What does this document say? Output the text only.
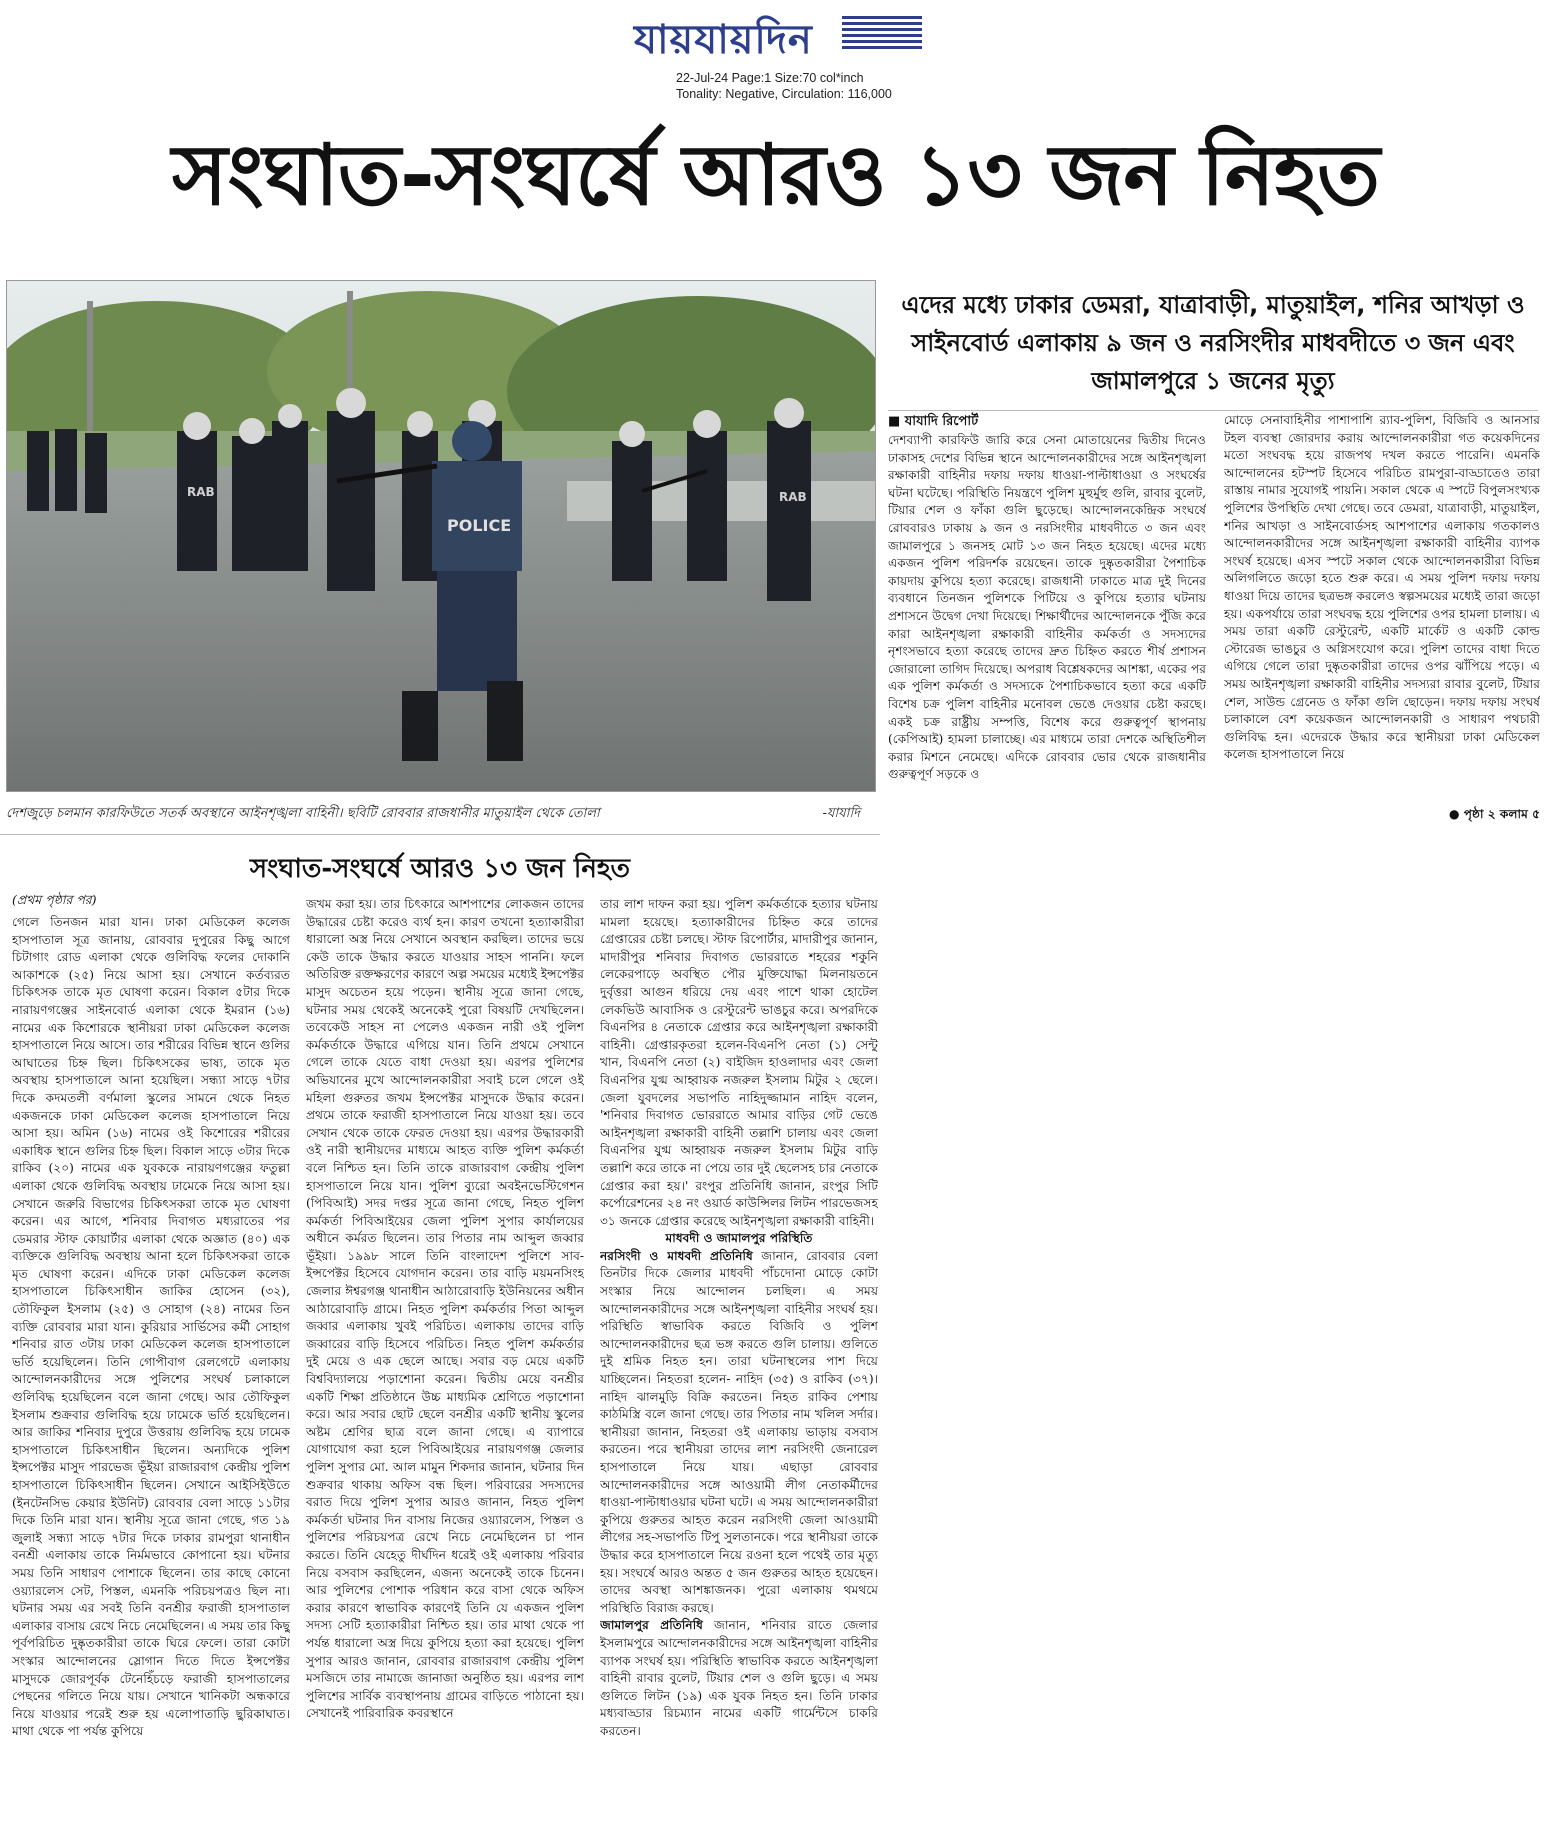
যায়যায়দিন
22-Jul-24 Page:1 Size:70 col*inch
Tonality: Negative, Circulation: 116,000
সংঘাত-সংঘর্ষে আরও ১৩ জন নিহত
POLICE
RAB	RAB
দেশজুড়ে চলমান কারফিউতে সতর্ক অবস্থানে আইনশৃঙ্খলা বাহিনী। ছবিটি রোববার রাজধানীর মাতুয়াইল থেকে তোলা	-যাযাদি
এদের মধ্যে ঢাকার ডেমরা, যাত্রাবাড়ী, মাতুয়াইল, শনির আখড়া ও সাইনবোর্ড এলাকায় ৯ জন ও নরসিংদীর মাধবদীতে ৩ জন এবং জামালপুরে ১ জনের মৃত্যু
■ যাযাদি রিপোর্ট

দেশব্যাপী কারফিউ জারি করে সেনা মোতায়েনের দ্বিতীয় দিনেও ঢাকাসহ দেশের বিভিন্ন স্থানে আন্দোলনকারীদের সঙ্গে আইনশৃঙ্খলা রক্ষাকারী বাহিনীর দফায় দফায় ধাওয়া-পাল্টাধাওয়া ও সংঘর্ষের ঘটনা ঘটেছে। পরিস্থিতি নিয়ন্ত্রণে পুলিশ মুহুর্মুহু গুলি, রাবার বুলেট, টিয়ার শেল ও ফাঁকা গুলি ছুড়েছে। আন্দোলনকেন্দ্রিক সংঘর্ষে রোববারও ঢাকায় ৯ জন ও নরসিংদীর মাধবদীতে ৩ জন এবং জামালপুরে ১ জনসহ মোট ১৩ জন নিহত হয়েছে। এদের মধ্যে একজন পুলিশ পরিদর্শক রয়েছেন। তাকে দুষ্কৃতকারীরা পৈশাচিক কায়দায় কুপিয়ে হত্যা করেছে। রাজধানী ঢাকাতে মাত্র দুই দিনের ব্যবধানে তিনজন পুলিশকে পিটিয়ে ও কুপিয়ে হত্যার ঘটনায় প্রশাসনে উদ্বেগ দেখা দিয়েছে। শিক্ষার্থীদের আন্দোলনকে পুঁজি করে কারা আইনশৃঙ্খলা রক্ষাকারী বাহিনীর কর্মকর্তা ও সদস্যদের নৃশংসভাবে হত্যা করেছে তাদের দ্রুত চিহ্নিত করতে শীর্ষ প্রশাসন জোরালো তাগিদ দিয়েছে। অপরাধ বিশ্লেষকদের আশঙ্কা, একের পর এক পুলিশ কর্মকর্তা ও সদস্যকে পৈশাচিকভাবে হত্যা করে একটি বিশেষ চক্র পুলিশ বাহিনীর মনোবল ভেঙে দেওয়ার চেষ্টা করছে। একই চক্র রাষ্ট্রীয় সম্পত্তি, বিশেষ করে গুরুত্বপূর্ণ স্থাপনায় (কেপিআই) হামলা চালাচ্ছে। এর মাধ্যমে তারা দেশকে অস্থিতিশীল করার মিশনে নেমেছে। এদিকে রোববার ভোর থেকে রাজধানীর গুরুত্বপূর্ণ সড়কে ও

মোড়ে সেনাবাহিনীর পাশাপাশি র‌্যাব-পুলিশ, বিজিবি ও আনসার টহল ব্যবস্থা জোরদার করায় আন্দোলনকারীরা গত কয়েকদিনের মতো সংঘবদ্ধ হয়ে রাজপথ দখল করতে পারেনি। এমনকি আন্দোলনের হটস্পট হিসেবে পরিচিত রামপুরা-বাড্ডাতেও তারা রাস্তায় নামার সুযোগই পায়নি। সকাল থেকে এ স্পটে বিপুলসংখ্যক পুলিশের উপস্থিতি দেখা গেছে। তবে ডেমরা, যাত্রাবাড়ী, মাতুয়াইল, শনির আখড়া ও সাইনবোর্ডসহ আশপাশের এলাকায় গতকালও আন্দোলনকারীদের সঙ্গে আইনশৃঙ্খলা রক্ষাকারী বাহিনীর ব্যাপক সংঘর্ষ হয়েছে। এসব স্পটে সকাল থেকে আন্দোলনকারীরা বিভিন্ন অলিগলিতে জড়ো হতে শুরু করে। এ সময় পুলিশ দফায় দফায় ধাওয়া দিয়ে তাদের ছত্রভঙ্গ করলেও স্বল্পসময়ের মধ্যেই তারা জড়ো হয়। একপর্যায়ে তারা সংঘবদ্ধ হয়ে পুলিশের ওপর হামলা চালায়। এ সময় তারা একটি রেস্টুরেন্ট, একটি মার্কেট ও একটি কোল্ড স্টোরেজ ভাঙচুর ও অগ্নিসংযোগ করে। পুলিশ তাদের বাধা দিতে এগিয়ে গেলে তারা দুষ্কৃতকারীরা তাদের ওপর ঝাঁপিয়ে পড়ে। এ সময় আইনশৃঙ্খলা রক্ষাকারী বাহিনীর সদস্যরা রাবার বুলেট, টিয়ার শেল, সাউন্ড গ্রেনেড ও ফাঁকা গুলি ছোড়েন। দফায় দফায় সংঘর্ষ চলাকালে বেশ কয়েকজন আন্দোলনকারী ও সাধারণ পথচারী গুলিবিদ্ধ হন। এদেরকে উদ্ধার করে স্থানীয়রা ঢাকা মেডিকেল কলেজ হাসপাতালে নিয়ে

● পৃষ্ঠা ২ কলাম ৫
সংঘাত-সংঘর্ষে আরও ১৩ জন নিহত
(প্রথম পৃষ্ঠার পর)

গেলে তিনজন মারা যান। ঢাকা মেডিকেল কলেজ হাসপাতাল সূত্র জানায়, রোববার দুপুরের কিছু আগে চিটাগাং রোড এলাকা থেকে গুলিবিদ্ধ ফলের দোকানি আকাশকে (২৫) নিয়ে আসা হয়। সেখানে কর্তব্যরত চিকিৎসক তাকে মৃত ঘোষণা করেন। বিকাল ৫টার দিকে নারায়ণগঞ্জের সাইনবোর্ড এলাকা থেকে ইমরান (১৬) নামের এক কিশোরকে স্থানীয়রা ঢাকা মেডিকেল কলেজ হাসপাতালে নিয়ে আসে। তার শরীরের বিভিন্ন স্থানে গুলির আঘাতের চিহ্ন ছিল। চিকিৎসকের ভাষ্য, তাকে মৃত অবস্থায় হাসপাতালে আনা হয়েছিল। সন্ধ্যা সাড়ে ৭টার দিকে কদমতলী বর্ণমালা স্কুলের সামনে থেকে নিহত একজনকে ঢাকা মেডিকেল কলেজ হাসপাতালে নিয়ে আসা হয়। অমিন (১৬) নামের ওই কিশোরের শরীরের একাধিক স্থানে গুলির চিহ্ন ছিল। বিকাল সাড়ে ৩টার দিকে রাকিব (২০) নামের এক যুবককে নারায়ণগঞ্জের ফতুল্লা এলাকা থেকে গুলিবিদ্ধ অবস্থায় ঢামেকে নিয়ে আসা হয়। সেখানে জরুরি বিভাগের চিকিৎসকরা তাকে মৃত ঘোষণা করেন। এর আগে, শনিবার দিবাগত মধ্যরাতের পর ডেমরার স্টাফ কোয়ার্টার এলাকা থেকে অজ্ঞাত (৪০) এক ব্যক্তিকে গুলিবিদ্ধ অবস্থায় আনা হলে চিকিৎসকরা তাকে মৃত ঘোষণা করেন। এদিকে ঢাকা মেডিকেল কলেজ হাসপাতালে চিকিৎসাধীন জাকির হোসেন (৩২), তৌফিকুল ইসলাম (২৫) ও সোহাগ (২৪) নামের তিন ব্যক্তি রোববার মারা যান। কুরিয়ার সার্ভিসের কর্মী সোহাগ শনিবার রাত ৩টায় ঢাকা মেডিকেল কলেজ হাসপাতালে ভর্তি হয়েছিলেন। তিনি গোপীবাগ রেলগেটে এলাকায় আন্দোলনকারীদের সঙ্গে পুলিশের সংঘর্ষ চলাকালে গুলিবিদ্ধ হয়েছিলেন বলে জানা গেছে। আর তৌফিকুল ইসলাম শুক্রবার গুলিবিদ্ধ হয়ে ঢামেকে ভর্তি হয়েছিলেন। আর জাকির শনিবার দুপুরে উত্তরায় গুলিবিদ্ধ হয়ে ঢামেক হাসপাতালে চিকিৎসাধীন ছিলেন। অন্যদিকে পুলিশ ইন্সপেক্টর মাসুদ পারভেজ ভূঁইয়া রাজারবাগ কেন্দ্রীয় পুলিশ হাসপাতালে চিকিৎসাধীন ছিলেন। সেখানে আইসিইউতে (ইনটেনসিভ কেয়ার ইউনিট) রোববার বেলা সাড়ে ১১টার দিকে তিনি মারা যান। স্থানীয় সূত্রে জানা গেছে, গত ১৯ জুলাই সন্ধ্যা সাড়ে ৭টার দিকে ঢাকার রামপুরা থানাধীন বনশ্রী এলাকায় তাকে নির্মমভাবে কোপানো হয়। ঘটনার সময় তিনি সাধারণ পোশাকে ছিলেন। তার কাছে কোনো ওয়্যারলেস সেট, পিস্তল, এমনকি পরিচয়পত্রও ছিল না। ঘটনার সময় এর সবই তিনি বনশ্রীর ফরাজী হাসপাতাল এলাকার বাসায় রেখে নিচে নেমেছিলেন। এ সময় তার কিছু পূর্বপরিচিত দুষ্কৃতকারীরা তাকে ঘিরে ফেলে। তারা কোটা সংস্কার আন্দোলনের স্লোগান দিতে দিতে ইন্সপেক্টর মাসুদকে জোরপূর্বক টেনেহিঁচড়ে ফরাজী হাসপাতালের পেছনের গলিতে নিয়ে যায়। সেখানে খানিকটা অন্ধকারে নিয়ে যাওয়ার পরেই শুরু হয় এলোপাতাড়ি ছুরিকাঘাত। মাথা থেকে পা পর্যন্ত কুপিয়ে

জখম করা হয়। তার চিৎকারে আশপাশের লোকজন তাদের উদ্ধারের চেষ্টা করেও ব্যর্থ হন। কারণ তখনো হত্যাকারীরা ধারালো অস্ত্র নিয়ে সেখানে অবস্থান করছিল। তাদের ভয়ে কেউ তাকে উদ্ধার করতে যাওয়ার সাহস পাননি। ফলে অতিরিক্ত রক্তক্ষরণের কারণে অল্প সময়ের মধ্যেই ইন্সপেক্টর মাসুদ অচেতন হয়ে পড়েন। স্থানীয় সূত্রে জানা গেছে, ঘটনার সময় থেকেই অনেকেই পুরো বিষয়টি দেখছিলেন। তবেকেউ সাহস না পেলেও একজন নারী ওই পুলিশ কর্মকর্তাকে উদ্ধারে এগিয়ে যান। তিনি প্রথমে সেখানে গেলে তাকে যেতে বাধা দেওয়া হয়। এরপর পুলিশের অভিযানের মুখে আন্দোলনকারীরা সবাই চলে গেলে ওই মহিলা গুরুতর জখম ইন্সপেক্টর মাসুদকে উদ্ধার করেন। প্রথমে তাকে ফরাজী হাসপাতালে নিয়ে যাওয়া হয়। তবে সেখান থেকে তাকে ফেরত দেওয়া হয়। এরপর উদ্ধারকারী ওই নারী স্থানীয়দের মাধ্যমে আহত ব্যক্তি পুলিশ কর্মকর্তা বলে নিশ্চিত হন। তিনি তাকে রাজারবাগ কেন্দ্রীয় পুলিশ হাসপাতালে নিয়ে যান। পুলিশ ব্যুরো অবইনভেস্টিগেশন (পিবিআই) সদর দপ্তর সূত্রে জানা গেছে, নিহত পুলিশ কর্মকর্তা পিবিআইয়ের জেলা পুলিশ সুপার কার্যালয়ের অধীনে কর্মরত ছিলেন। তার পিতার নাম আব্দুল জব্বার ভূঁইয়া। ১৯৯৮ সালে তিনি বাংলাদেশ পুলিশে সাব-ইন্সপেক্টর হিসেবে যোগদান করেন। তার বাড়ি ময়মনসিংহ জেলার ঈশ্বরগঞ্জ থানাধীন আঠারোবাড়ি ইউনিয়নের অধীন আঠারোবাড়ি গ্রামে। নিহত পুলিশ কর্মকর্তার পিতা আব্দুল জব্বার এলাকায় খুবই পরিচিত। এলাকায় তাদের বাড়ি জব্বারের বাড়ি হিসেবে পরিচিত। নিহত পুলিশ কর্মকর্তার দুই মেয়ে ও এক ছেলে আছে। সবার বড় মেয়ে একটি বিশ্ববিদ্যালয়ে পড়াশোনা করেন। দ্বিতীয় মেয়ে বনশ্রীর একটি শিক্ষা প্রতিষ্ঠানে উচ্চ মাধ্যমিক শ্রেণিতে পড়াশোনা করে। আর সবার ছোট ছেলে বনশ্রীর একটি স্থানীয় স্কুলের অষ্টম শ্রেণির ছাত্র বলে জানা গেছে। এ ব্যাপারে যোগাযোগ করা হলে পিবিআইয়ের নারায়ণগঞ্জ জেলার পুলিশ সুপার মো. আল মামুন শিকদার জানান, ঘটনার দিন শুক্রবার থাকায় অফিস বন্ধ ছিল। পরিবারের সদস্যদের বরাত দিয়ে পুলিশ সুপার আরও জানান, নিহত পুলিশ কর্মকর্তা ঘটনার দিন বাসায় নিজের ওয়্যারলেস, পিস্তল ও পুলিশের পরিচয়পত্র রেখে নিচে নেমেছিলেন চা পান করতে। তিনি যেহেতু দীর্ঘদিন ধরেই ওই এলাকায় পরিবার নিয়ে বসবাস করছিলেন, এজন্য অনেকেই তাকে চিনেন। আর পুলিশের পোশাক পরিধান করে বাসা থেকে অফিস করার কারণে স্বাভাবিক কারণেই তিনি যে একজন পুলিশ সদস্য সেটি হত্যাকারীরা নিশ্চিত হয়। তার মাথা থেকে পা পর্যন্ত ধারালো অস্ত্র দিয়ে কুপিয়ে হত্যা করা হয়েছে। পুলিশ সুপার আরও জানান, রোববার রাজারবাগ কেন্দ্রীয় পুলিশ মসজিদে তার নামাজে জানাজা অনুষ্ঠিত হয়। এরপর লাশ পুলিশের সার্বিক ব্যবস্থাপনায় গ্রামের বাড়িতে পাঠানো হয়। সেখানেই পারিবারিক কবরস্থানে

তার লাশ দাফন করা হয়। পুলিশ কর্মকর্তাকে হত্যার ঘটনায় মামলা হয়েছে। হত্যাকারীদের চিহ্নিত করে তাদের গ্রেপ্তারের চেষ্টা চলছে। স্টাফ রিপোর্টার, মাদারীপুর জানান, মাদারীপুর শনিবার দিবাগত ভোররাতে শহরের শকুনি লেকেরপাড়ে অবস্থিত পৌর মুক্তিযোদ্ধা মিলনায়তনে দুর্বৃত্তরা আগুন ধরিয়ে দেয় এবং পাশে থাকা হোটেল লেকভিউ আবাসিক ও রেস্টুরেন্ট ভাঙচুর করে। অপরদিকে বিএনপির ৪ নেতাকে গ্রেপ্তার করে আইনশৃঙ্খলা রক্ষাকারী বাহিনী। গ্রেপ্তারকৃতরা হলেন-বিএনপি নেতা (১) সেন্টু খান, বিএনপি নেতা (২) বাইজিদ হাওলাদার এবং জেলা বিএনপির যুগ্ম আহ্বায়ক নজরুল ইসলাম মিটুর ২ ছেলে। জেলা যুবদলের সভাপতি নাহিদুজ্জামান নাহিদ বলেন, 'শনিবার দিবাগত ভোররাতে আমার বাড়ির গেট ভেঙে আইনশৃঙ্খলা রক্ষাকারী বাহিনী তল্লাশি চালায় এবং জেলা বিএনপির যুগ্ম আহ্বায়ক নজরুল ইসলাম মিটুর বাড়ি তল্লাশি করে তাকে না পেয়ে তার দুই ছেলেসহ চার নেতাকে গ্রেপ্তার করা হয়।' রংপুর প্রতিনিধি জানান, রংপুর সিটি কর্পোরেশনের ২৪ নং ওয়ার্ড কাউন্সিলর লিটন পারভেজসহ ৩১ জনকে গ্রেপ্তার করেছে আইনশৃঙ্খলা রক্ষাকারী বাহিনী।

মাধবদী ও জামালপুর পরিস্থিতি

নরসিংদী ও মাধবদী প্রতিনিধি জানান, রোববার বেলা তিনটার দিকে জেলার মাধবদী পাঁচদোনা মোড়ে কোটা সংস্কার নিয়ে আন্দোলন চলছিল। এ সময় আন্দোলনকারীদের সঙ্গে আইনশৃঙ্খলা বাহিনীর সংঘর্ষ হয়। পরিস্থিতি স্বাভাবিক করতে বিজিবি ও পুলিশ আন্দোলনকারীদের ছত্র ভঙ্গ করতে গুলি চালায়। গুলিতে দুই শ্রমিক নিহত হন। তারা ঘটনাস্থলের পাশ দিয়ে যাচ্ছিলেন। নিহতরা হলেন- নাহিদ (৩৫) ও রাকিব (৩৭)। নাহিদ ঝালমুড়ি বিক্রি করতেন। নিহত রাকিব পেশায় কাঠমিস্ত্রি বলে জানা গেছে। তার পিতার নাম খলিল সর্দার। স্থানীয়রা জানান, নিহতরা ওই এলাকায় ভাড়ায় বসবাস করতেন। পরে স্থানীয়রা তাদের লাশ নরসিংদী জেনারেল হাসপাতালে নিয়ে যায়। এছাড়া রোববার আন্দোলনকারীদের সঙ্গে আওয়ামী লীগ নেতাকর্মীদের ধাওয়া-পাল্টাধাওয়ার ঘটনা ঘটে। এ সময় আন্দোলনকারীরা কুপিয়ে গুরুতর আহত করেন নরসিংদী জেলা আওয়ামী লীগের সহ-সভাপতি টিপু সুলতানকে। পরে স্থানীয়রা তাকে উদ্ধার করে হাসপাতালে নিয়ে রওনা হলে পথেই তার মৃত্যু হয়। সংঘর্ষে আরও অন্তত ৫ জন গুরুতর আহত হয়েছেন। তাদের অবস্থা আশঙ্কাজনক। পুরো এলাকায় থমথমে পরিস্থিতি বিরাজ করছে।

জামালপুর প্রতিনিধি জানান, শনিবার রাতে জেলার ইসলামপুরে আন্দোলনকারীদের সঙ্গে আইনশৃঙ্খলা বাহিনীর ব্যাপক সংঘর্ষ হয়। পরিস্থিতি স্বাভাবিক করতে আইনশৃঙ্খলা বাহিনী রাবার বুলেট, টিয়ার শেল ও গুলি ছুড়ে। এ সময় গুলিতে লিটন (১৯) এক যুবক নিহত হন। তিনি ঢাকার মধ্যবাড্ডার রিচম্যান নামের একটি গার্মেন্টসে চাকরি করতেন।
